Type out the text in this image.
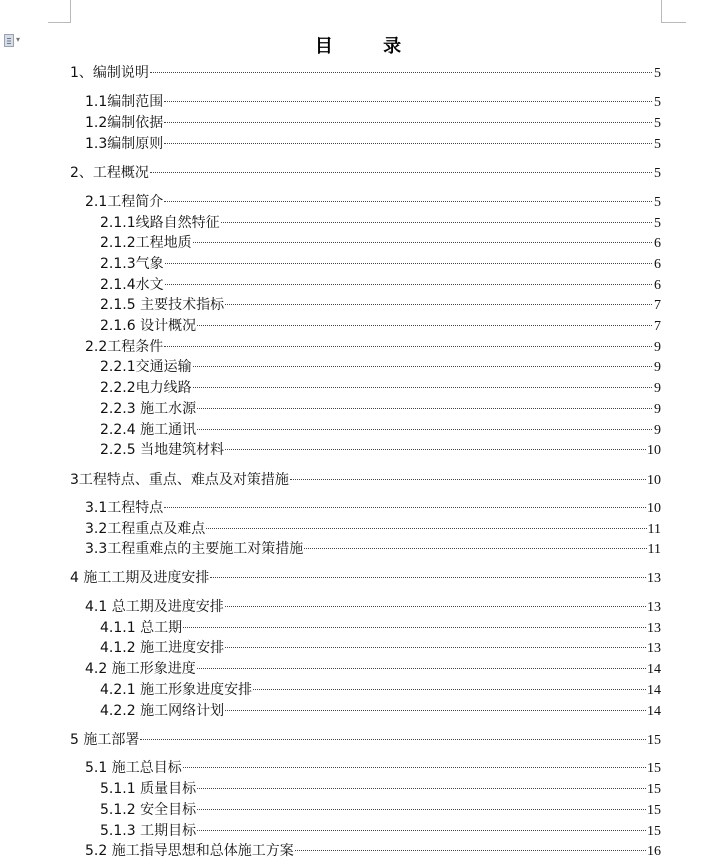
▾	目 录
1、编制说明	5
1.1编制范围	5
1.2编制依据	5
1.3编制原则	5
2、工程概况	5
2.1工程简介	5
2.1.1线路自然特征	5
2.1.2工程地质	6
2.1.3气象	6
2.1.4水文	6
2.1.5 主要技术指标	7
2.1.6 设计概况	7
2.2工程条件	9
2.2.1交通运输	9
2.2.2电力线路	9
2.2.3 施工水源	9
2.2.4 施工通讯	9
2.2.5 当地建筑材料	10
3工程特点、重点、难点及对策措施	10
3.1工程特点	10
3.2工程重点及难点	11
3.3工程重难点的主要施工对策措施	11
4 施工工期及进度安排	13
4.1 总工期及进度安排	13
4.1.1 总工期	13
4.1.2 施工进度安排	13
4.2 施工形象进度	14
4.2.1 施工形象进度安排	14
4.2.2 施工网络计划	14
5 施工部署	15
5.1 施工总目标	15
5.1.1 质量目标	15
5.1.2 安全目标	15
5.1.3 工期目标	15
5.2 施工指导思想和总体施工方案	16
